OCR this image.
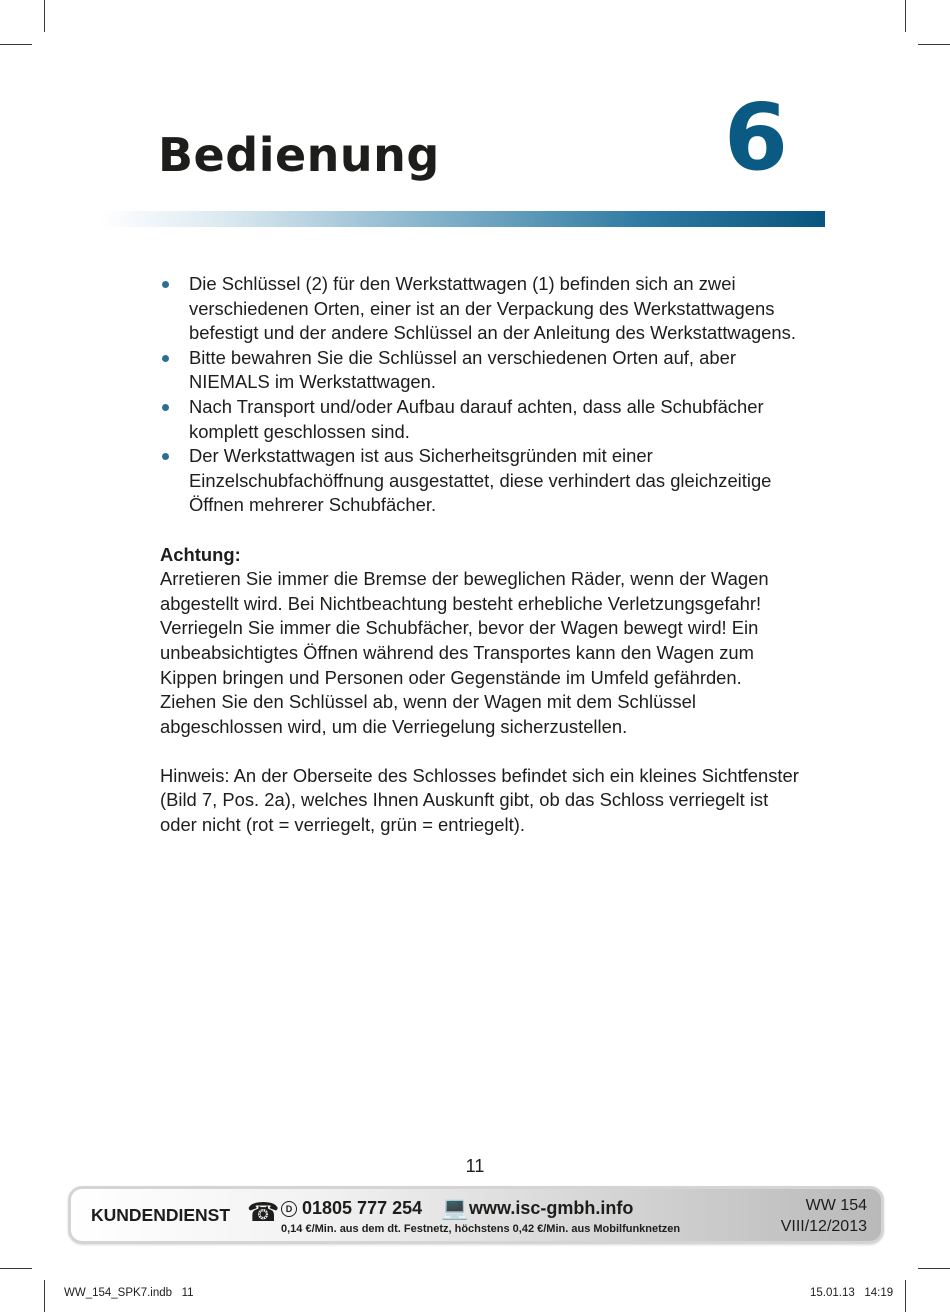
Bedienung	6
Die Schlüssel (2) für den Werkstattwagen (1) befinden sich an zwei verschiedenen Orten, einer ist an der Verpackung des Werkstattwagens befestigt und der andere Schlüssel an der Anleitung des Werkstattwagens.
Bitte bewahren Sie die Schlüssel an verschiedenen Orten auf, aber NIEMALS im Werkstattwagen.
Nach Transport und/oder Aufbau darauf achten, dass alle Schubfächer komplett geschlossen sind.
Der Werkstattwagen ist aus Sicherheitsgründen mit einer Einzelschubfachöffnung ausgestattet, diese verhindert das gleichzeitige Öffnen mehrerer Schubfächer.

Achtung:

Arretieren Sie immer die Bremse der beweglichen Räder, wenn der Wagen abgestellt wird. Bei Nichtbeachtung besteht erhebliche Verletzungsgefahr!

Verriegeln Sie immer die Schubfächer, bevor der Wagen bewegt wird! Ein unbeabsichtigtes Öffnen während des Transportes kann den Wagen zum Kippen bringen und Personen oder Gegenstände im Umfeld gefährden. Ziehen Sie den Schlüssel ab, wenn der Wagen mit dem Schlüssel abgeschlossen wird, um die Verriegelung sicherzustellen.

Hinweis: An der Oberseite des Schlosses befindet sich ein kleines Sichtfenster (Bild 7, Pos. 2a), welches Ihnen Auskunft gibt, ob das Schloss verriegelt ist oder nicht (rot = verriegelt, grün = entriegelt).

11
KUNDENDIENST ☎ D 01805 777 254 💻 www.isc-gmbh.info
0,14 €/Min. aus dem dt. Festnetz, höchstens 0,42 €/Min. aus Mobilfunknetzen
WW 154
VIII/12/2013
WW_154_SPK7.indb   11	15.01.13   14:19
